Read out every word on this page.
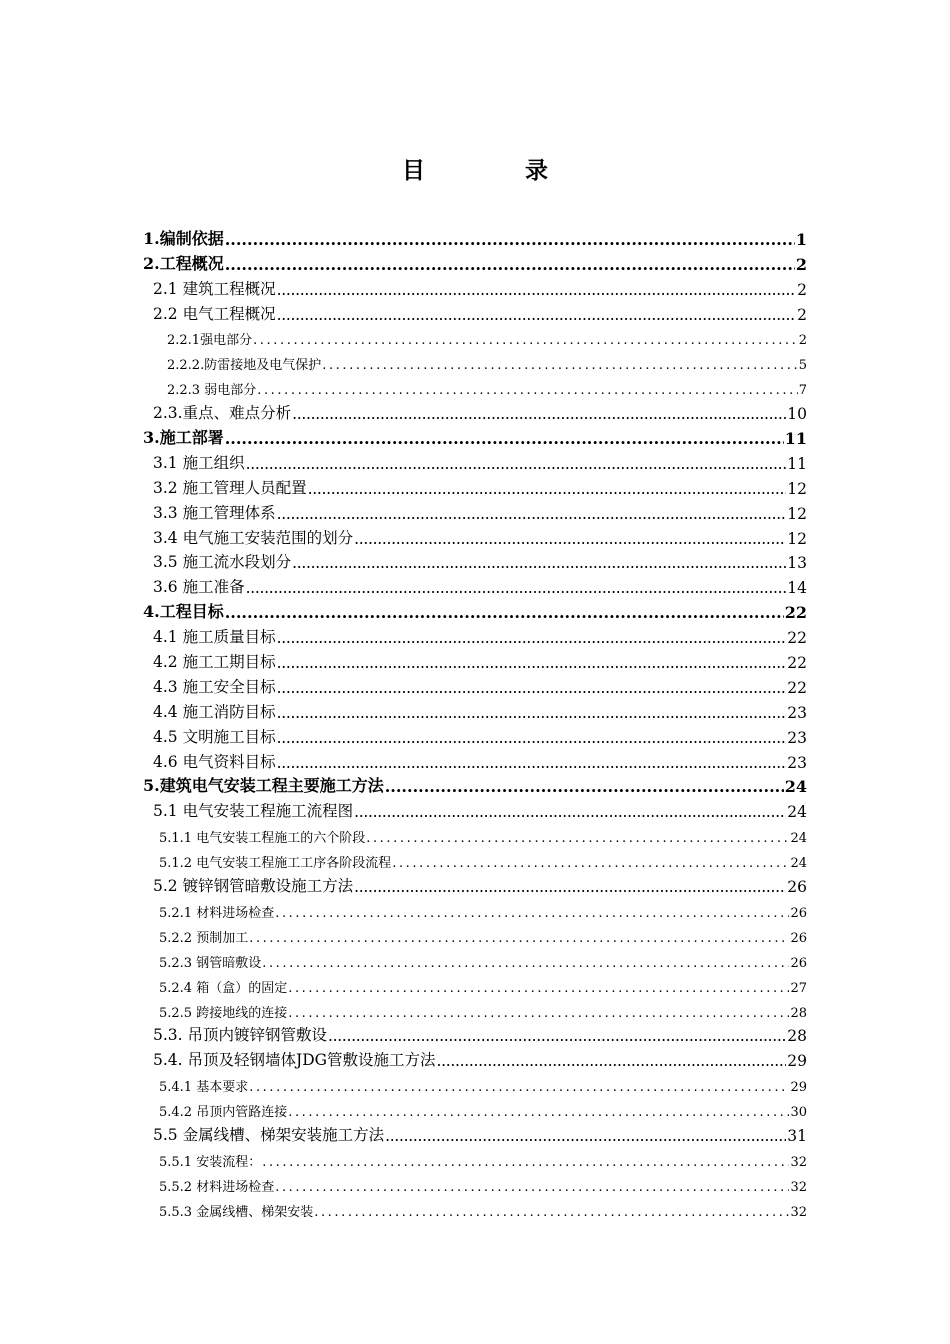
目	录
1.编制依据 .....	1
2.工程概况 .....	2
2.1 建筑工程概况 .....	2
2.2 电气工程概况 .....	2
2.2.1强电部分 .....	2
2.2.2.防雷接地及电气保护 .....	5
2.2.3 弱电部分 .....	7
2.3.重点、难点分析 .....	10
3.施工部署 .....	11
3.1 施工组织 .....	11
3.2 施工管理人员配置 .....	12
3.3 施工管理体系 .....	12
3.4 电气施工安装范围的划分 .....	12
3.5 施工流水段划分 .....	13
3.6 施工准备 .....	14
4.工程目标 .....	22
4.1 施工质量目标 .....	22
4.2 施工工期目标 .....	22
4.3 施工安全目标 .....	22
4.4 施工消防目标 .....	23
4.5 文明施工目标 .....	23
4.6 电气资料目标 .....	23
5.建筑电气安装工程主要施工方法 .....	24
5.1 电气安装工程施工流程图 .....	24
5.1.1 电气安装工程施工的六个阶段 .....	24
5.1.2 电气安装工程施工工序各阶段流程 .....	24
5.2 镀锌钢管暗敷设施工方法 .....	26
5.2.1 材料进场检查 .....	26
5.2.2 预制加工 .....	26
5.2.3 钢管暗敷设 .....	26
5.2.4 箱（盒）的固定 .....	27
5.2.5 跨接地线的连接 .....	28
5.3. 吊顶内镀锌钢管敷设 .....	28
5.4. 吊顶及轻钢墙体JDG管敷设施工方法 .....	29
5.4.1 基本要求 .....	29
5.4.2 吊顶内管路连接 .....	30
5.5 金属线槽、梯架安装施工方法 .....	31
5.5.1 安装流程： .....	32
5.5.2 材料进场检查 .....	32
5.5.3 金属线槽、梯架安装 .....	32
